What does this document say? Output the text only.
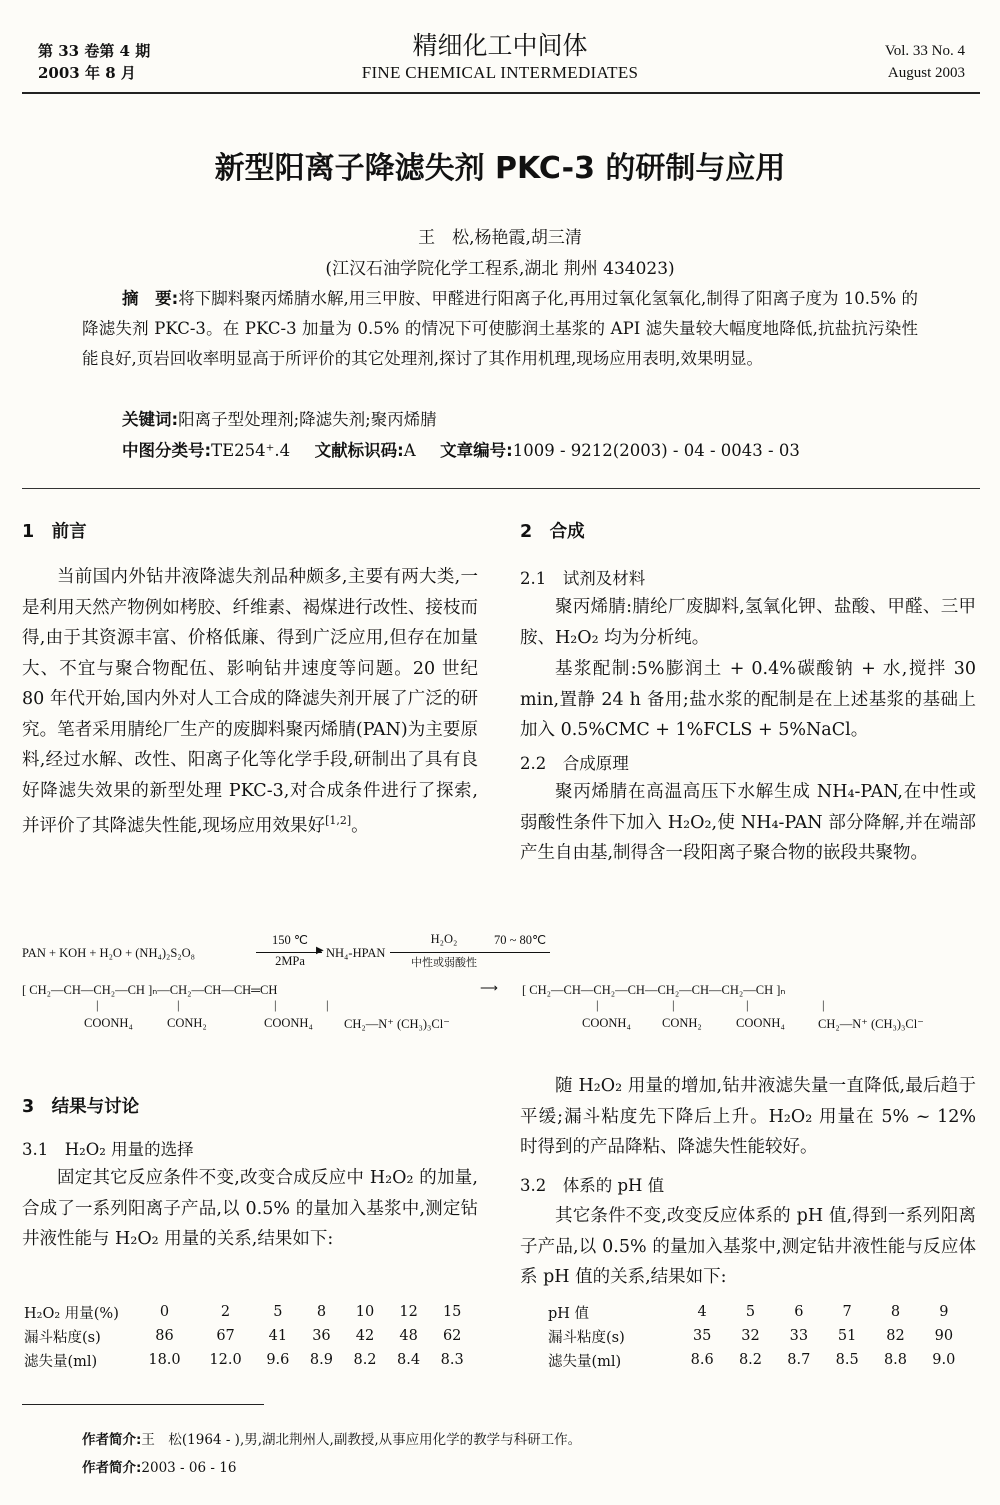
第 33 卷第 4 期
2003 年 8 月
精细化工中间体
FINE CHEMICAL INTERMEDIATES
Vol. 33 No. 4
August 2003
新型阳离子降滤失剂 PKC-3 的研制与应用
王　松,杨艳霞,胡三清
(江汉石油学院化学工程系,湖北 荆州 434023)
摘　要:将下脚料聚丙烯腈水解,用三甲胺、甲醛进行阳离子化,再用过氧化氢氧化,制得了阳离子度为 10.5% 的降滤失剂 PKC-3。在 PKC-3 加量为 0.5% 的情况下可使膨润土基浆的 API 滤失量较大幅度地降低,抗盐抗污染性能良好,页岩回收率明显高于所评价的其它处理剂,探讨了其作用机理,现场应用表明,效果明显。
关键词:阳离子型处理剂;降滤失剂;聚丙烯腈
中图分类号:TE254⁺.4 文献标识码:A 文章编号:1009 - 9212(2003) - 04 - 0043 - 03
1　前言
当前国内外钻井液降滤失剂品种颇多,主要有两大类,一是利用天然产物例如栲胶、纤维素、褐煤进行改性、接枝而得,由于其资源丰富、价格低廉、得到广泛应用,但存在加量大、不宜与聚合物配伍、影响钻井速度等问题。20 世纪 80 年代开始,国内外对人工合成的降滤失剂开展了广泛的研究。笔者采用腈纶厂生产的废脚料聚丙烯腈(PAN)为主要原料,经过水解、改性、阳离子化等化学手段,研制出了具有良好降滤失效果的新型处理 PKC-3,对合成条件进行了探索,并评价了其降滤失性能,现场应用效果好[1,2]。
2　合成
2.1　试剂及材料
聚丙烯腈:腈纶厂废脚料,氢氧化钾、盐酸、甲醛、三甲胺、H₂O₂ 均为分析纯。
基浆配制:5%膨润土 + 0.4%碳酸钠 + 水,搅拌 30 min,置静 24 h 备用;盐水浆的配制是在上述基浆的基础上加入 0.5%CMC + 1%FCLS + 5%NaCl。
2.2　合成原理
聚丙烯腈在高温高压下水解生成 NH₄-PAN,在中性或弱酸性条件下加入 H₂O₂,使 NH₄-PAN 部分降解,并在端部产生自由基,制得含一段阳离子聚合物的嵌段共聚物。
PAN + KOH + H₂O + (NH₄)₂S₂O₈
150 ℃
▶
2MPa
NH₄-HPAN
H₂O₂
中性或弱酸性
70 ~ 80℃
[ CH₂—CH—CH₂—CH ]ₙ—CH₂—CH—CH═CH
|	|	|	|
COONH₄	CONH₂	COONH₄ CH₂—N⁺ (CH₃)₃Cl⁻
⟶ [ CH₂—CH—CH₂—CH—CH₂—CH—CH₂—CH ]ₙ
|	|	|	|
COONH₄ CONH₂	COONH₄	CH₂—N⁺ (CH₃)₃Cl⁻
3　结果与讨论
3.1　H₂O₂ 用量的选择
固定其它反应条件不变,改变合成反应中 H₂O₂ 的加量,合成了一系列阳离子产品,以 0.5% 的量加入基浆中,测定钻井液性能与 H₂O₂ 用量的关系,结果如下:
H₂O₂ 用量(%)	0	2	5	8	10	12	15
漏斗粘度(s)	86	67	41	36	42	48	62
滤失量(ml)	18.0	12.0	9.6	8.9	8.2	8.4	8.3
随 H₂O₂ 用量的增加,钻井液滤失量一直降低,最后趋于平缓;漏斗粘度先下降后上升。H₂O₂ 用量在 5% ~ 12% 时得到的产品降粘、降滤失性能较好。
3.2　体系的 pH 值
其它条件不变,改变反应体系的 pH 值,得到一系列阳离子产品,以 0.5% 的量加入基浆中,测定钻井液性能与反应体系 pH 值的关系,结果如下:
pH 值	4	5	6	7	8	9
漏斗粘度(s)	35	32	33	51	82	90
滤失量(ml)	8.6	8.2	8.7	8.5	8.8	9.0
作者简介:王　松(1964 - ),男,湖北荆州人,副教授,从事应用化学的教学与科研工作。
作者简介:2003 - 06 - 16
